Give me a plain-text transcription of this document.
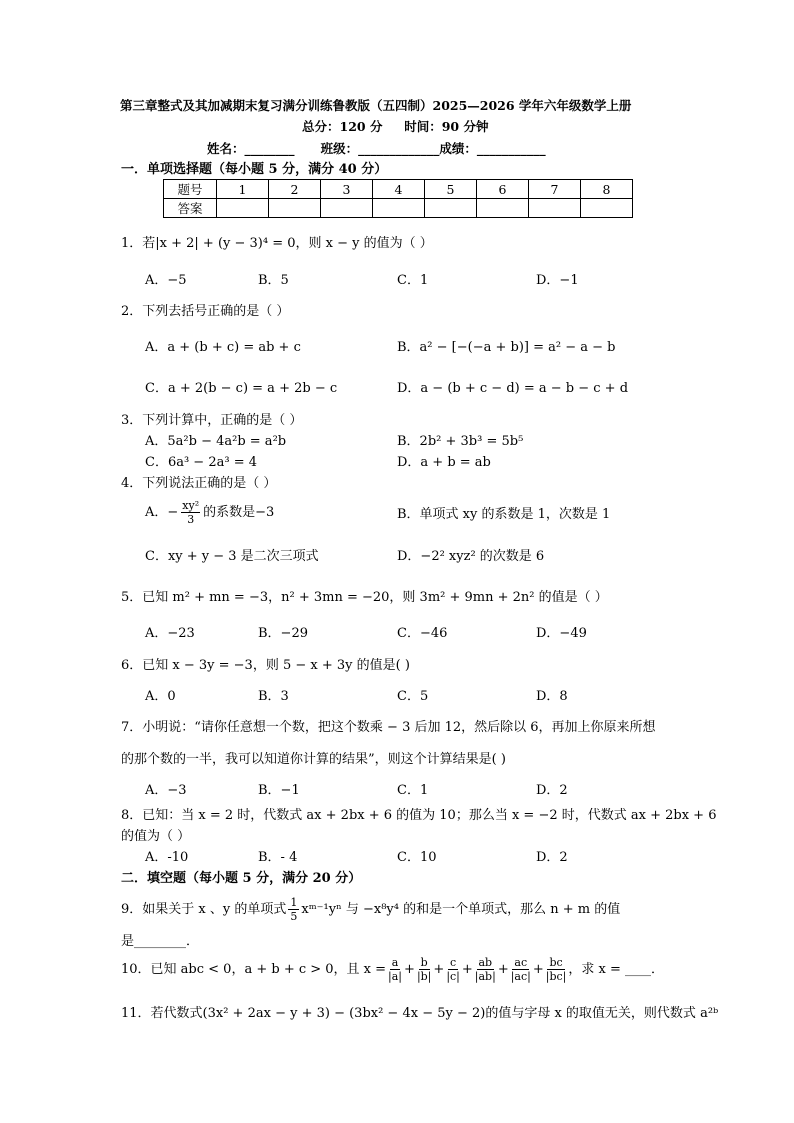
第三章整式及其加减期末复习满分训练鲁教版（五四制）2025—2026 学年六年级数学上册
总分：120 分     时间：90 分钟
姓名：________      班级：_____________成绩：___________
一．单项选择题（每小题 5 分，满分 40 分）
题号	1	2	3	4	5	6	7	8
答案								
1．若|x + 2| + (y − 3)⁴ = 0，则 x − y 的值为（ ）
A．−5	B．5	C．1	D．−1
2．下列去括号正确的是（ ）
A．a + (b + c) = ab + c	B．a² − [−(−a + b)] = a² − a − b
C．a + 2(b − c) = a + 2b − c	D．a − (b + c − d) = a − b − c + d
3．下列计算中，正确的是（ ）
A．5a²b − 4a²b = a²b	B．2b² + 3b³ = 5b⁵
C．6a³ − 2a³ = 4	D．a + b = ab
4．下列说法正确的是（ ）
A．− $\frac{\text{xy²}}{3}$ 的系数是−3	B．单项式 xy 的系数是 1，次数是 1
C．xy + y − 3 是二次三项式	D．−2² xyz² 的次数是 6
5．已知 m² + mn = −3，n² + 3mn = −20，则 3m² + 9mn + 2n² 的值是（ ）
A．−23	B．−29	C．−46	D．−49
6．已知 x − 3y = −3，则 5 − x + 3y 的值是( )
A．0	B．3	C．5	D．8
7．小明说：“请你任意想一个数，把这个数乘 − 3 后加 12，然后除以 6，再加上你原来所想
的那个数的一半，我可以知道你计算的结果”，则这个计算结果是( )
A．−3	B．−1	C．1	D．2
8．已知：当 x = 2 时，代数式 ax + 2bx + 6 的值为 10；那么当 x = −2 时，代数式 ax + 2bx + 6
的值为（ ）
A．-10	B．- 4	C．10	D．2
二．填空题（每小题 5 分，满分 20 分）
9．如果关于 x 、y 的单项式 $\frac{1}{5}$ xᵐ⁻¹yⁿ 与 −x⁸y⁴ 的和是一个单项式，那么 n + m 的值
是________．
10．已知 abc < 0，a + b + c > 0，且 $x = \frac{a}{|a|} + \frac{b}{|b|} + \frac{c}{|c|} + \frac{ab}{|ab|} + \frac{ac}{|ac|} + \frac{bc}{|bc|}$ ，求 x = ____．
11．若代数式(3x² + 2ax − y + 3) − (3bx² − 4x − 5y − 2)的值与字母 x 的取值无关，则代数式 a²ᵇ
